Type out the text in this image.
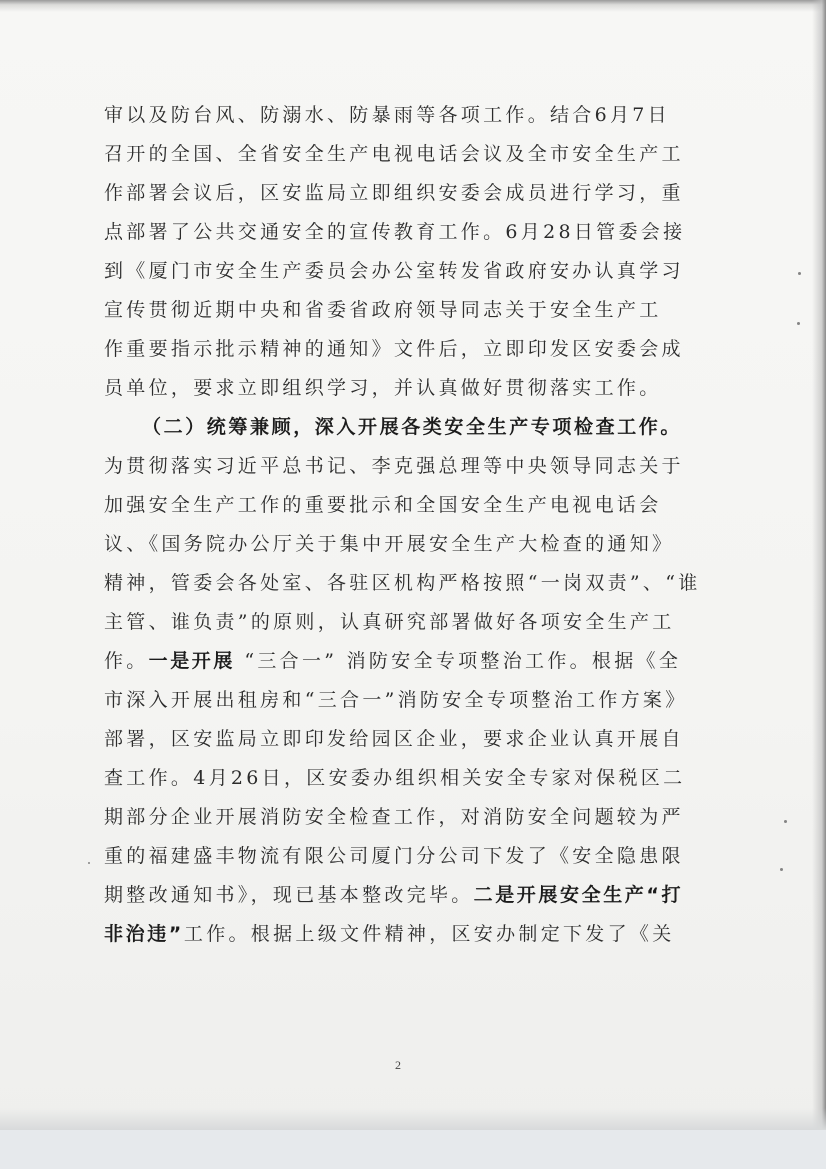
审以及防台风、防溺水、防暴雨等各项工作。结合6月7日
召开的全国、全省安全生产电视电话会议及全市安全生产工
作部署会议后，区安监局立即组织安委会成员进行学习，重
点部署了公共交通安全的宣传教育工作。6月28日管委会接
到《厦门市安全生产委员会办公室转发省政府安办认真学习
宣传贯彻近期中央和省委省政府领导同志关于安全生产工
作重要指示批示精神的通知》文件后，立即印发区安委会成
员单位，要求立即组织学习，并认真做好贯彻落实工作。
（二）统筹兼顾，深入开展各类安全生产专项检查工作。
为贯彻落实习近平总书记、李克强总理等中央领导同志关于
加强安全生产工作的重要批示和全国安全生产电视电话会
议、《国务院办公厅关于集中开展安全生产大检查的通知》
精神，管委会各处室、各驻区机构严格按照“一岗双责”、“谁
主管、谁负责”的原则，认真研究部署做好各项安全生产工
作。一是开展 “三合一” 消防安全专项整治工作。根据《全
市深入开展出租房和“三合一”消防安全专项整治工作方案》
部署，区安监局立即印发给园区企业，要求企业认真开展自
查工作。4月26日，区安委办组织相关安全专家对保税区二
期部分企业开展消防安全检查工作，对消防安全问题较为严
重的福建盛丰物流有限公司厦门分公司下发了《安全隐患限
期整改通知书》，现已基本整改完毕。二是开展安全生产“打
非治违”工作。根据上级文件精神，区安办制定下发了《关
2
